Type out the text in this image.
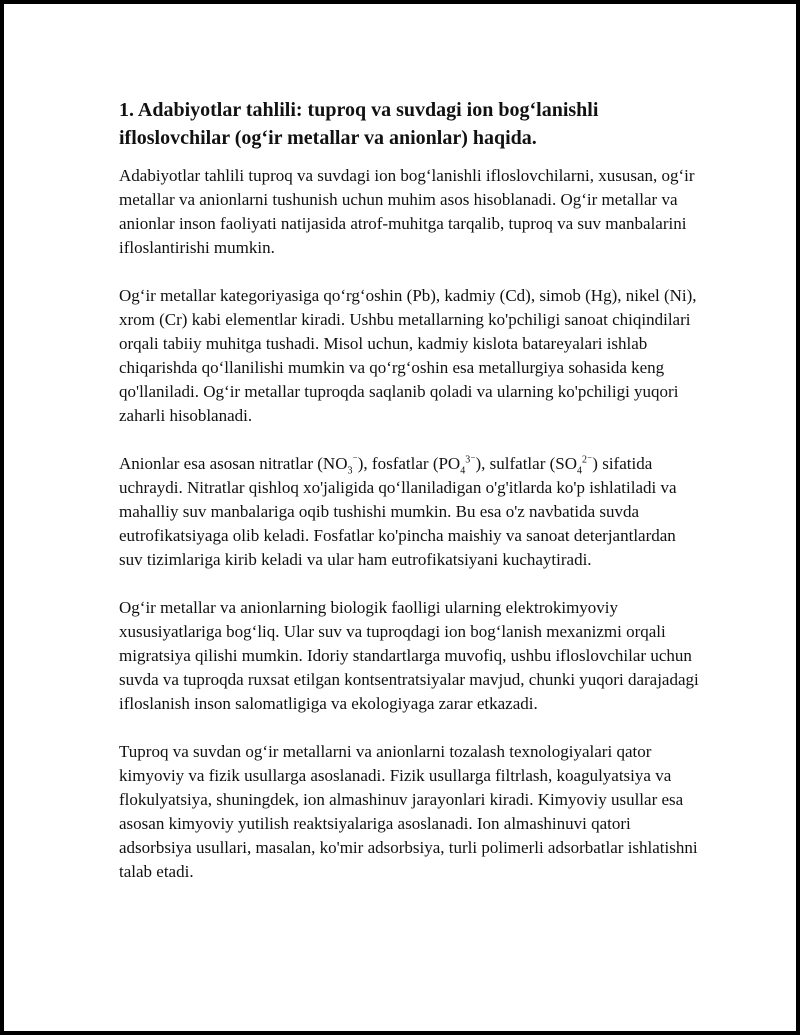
1. Adabiyotlar tahlili: tuproq va suvdagi ion bog‘lanishli ifloslovchilar (og‘ir metallar va anionlar) haqida.

Adabiyotlar tahlili tuproq va suvdagi ion bog‘lanishli ifloslovchilarni, xususan, og‘ir metallar va anionlarni tushunish uchun muhim asos hisoblanadi. Og‘ir metallar va anionlar inson faoliyati natijasida atrof-muhitga tarqalib, tuproq va suv manbalarini ifloslantirishi mumkin.

Og‘ir metallar kategoriyasiga qo‘rg‘oshin (Pb), kadmiy (Cd), simob (Hg), nikel (Ni), xrom (Cr) kabi elementlar kiradi. Ushbu metallarning ko'pchiligi sanoat chiqindilari orqali tabiiy muhitga tushadi. Misol uchun, kadmiy kislota batareyalari ishlab chiqarishda qo‘llanilishi mumkin va qo‘rg‘oshin esa metallurgiya sohasida keng qo'llaniladi. Og‘ir metallar tuproqda saqlanib qoladi va ularning ko'pchiligi yuqori zaharli hisoblanadi.

Anionlar esa asosan nitratlar $(NO_3^{^-})$, fosfatlar $(PO_4^{3^-})$, sulfatlar $(SO_4^{2^-})$ sifatida uchraydi. Nitratlar qishloq xo'jaligida qo‘llaniladigan o'g'itlarda ko'p ishlatiladi va mahalliy suv manbalariga oqib tushishi mumkin. Bu esa o'z navbatida suvda eutrofikatsiyaga olib keladi. Fosfatlar ko'pincha maishiy va sanoat deterjantlardan suv tizimlariga kirib keladi va ular ham eutrofikatsiyani kuchaytiradi.

Og‘ir metallar va anionlarning biologik faolligi ularning elektrokimyoviy xususiyatlariga bog‘liq. Ular suv va tuproqdagi ion bog‘lanish mexanizmi orqali migratsiya qilishi mumkin. Idoriy standartlarga muvofiq, ushbu ifloslovchilar uchun suvda va tuproqda ruxsat etilgan kontsentratsiyalar mavjud, chunki yuqori darajadagi ifloslanish inson salomatligiga va ekologiyaga zarar etkazadi.

Tuproq va suvdan og‘ir metallarni va anionlarni tozalash texnologiyalari qator kimyoviy va fizik usullarga asoslanadi. Fizik usullarga filtrlash, koagulyatsiya va flokulyatsiya, shuningdek, ion almashinuv jarayonlari kiradi. Kimyoviy usullar esa asosan kimyoviy yutilish reaktsiyalariga asoslanadi. Ion almashinuvi qatori adsorbsiya usullari, masalan, ko'mir adsorbsiya, turli polimerli adsorbatlar ishlatishni talab etadi.
